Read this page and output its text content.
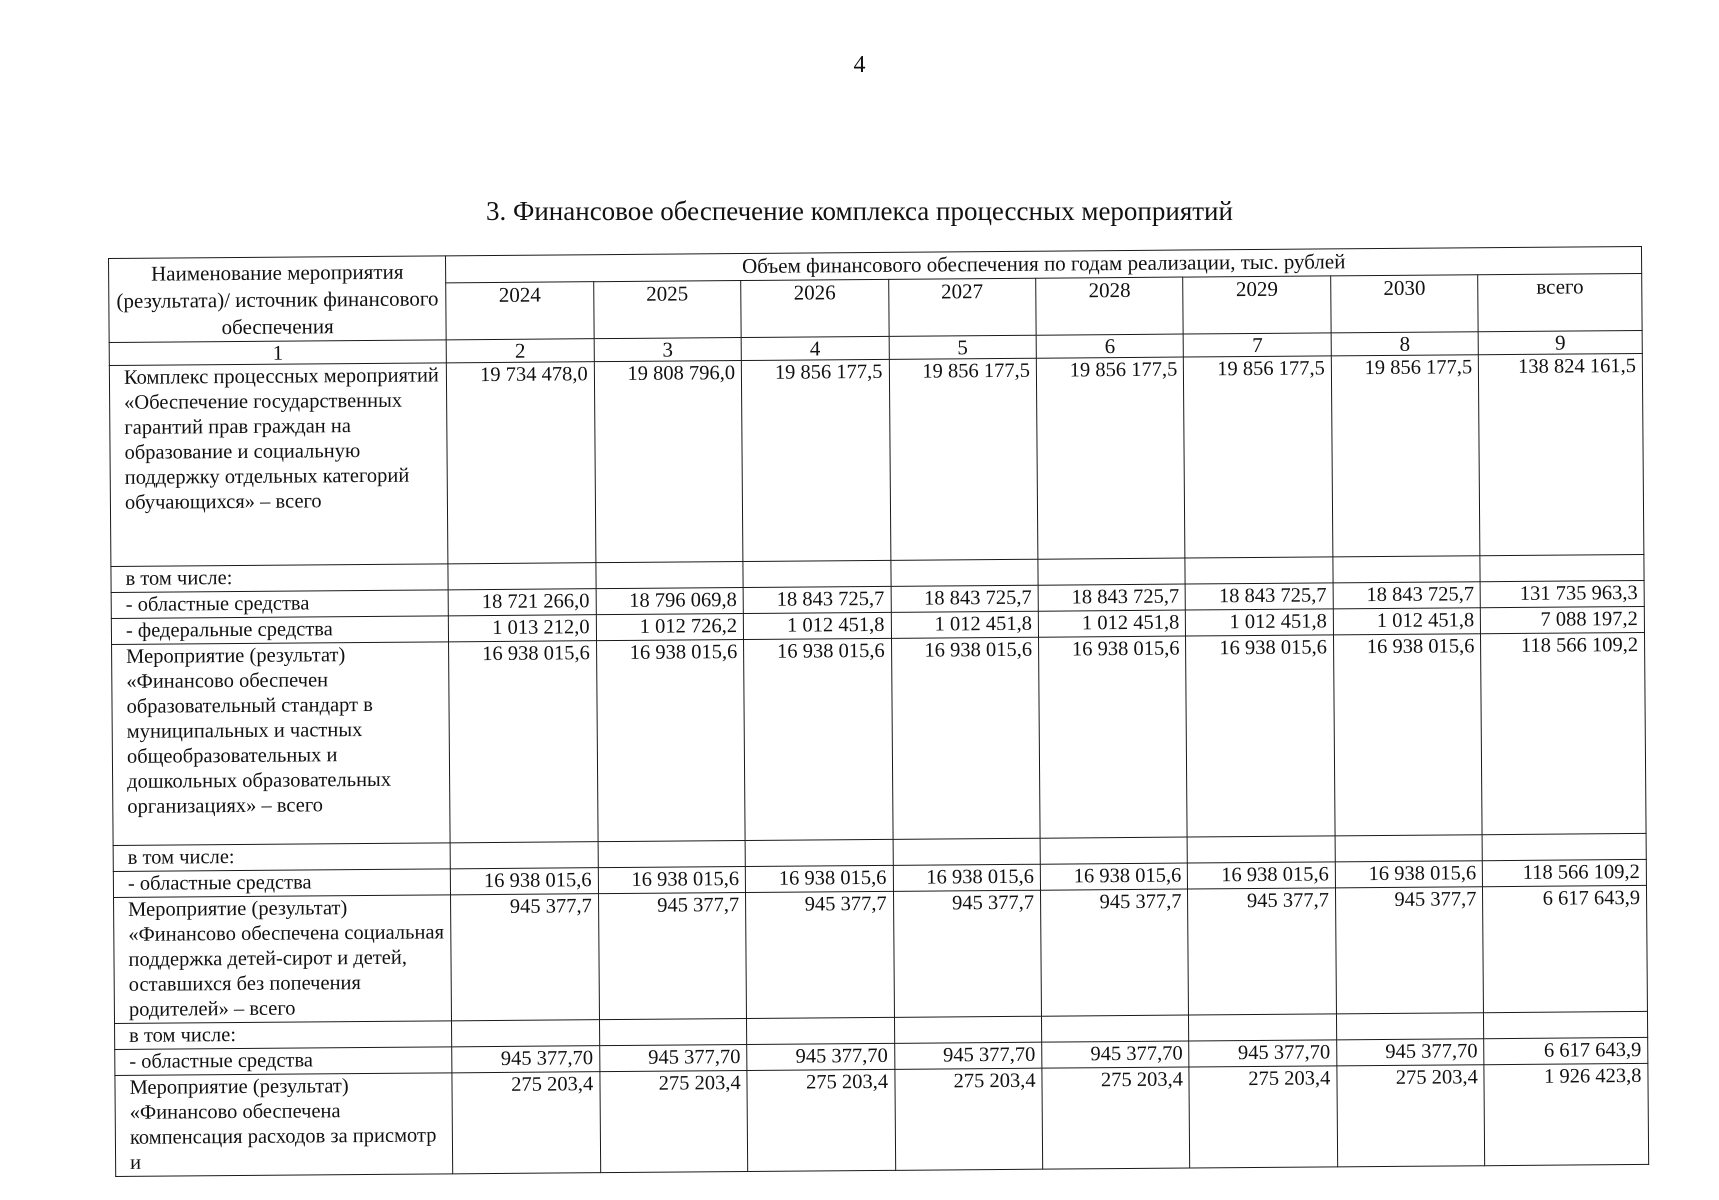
4
3. Финансовое обеспечение комплекса процессных мероприятий
Наименование мероприятия (результата)/ источник финансового обеспечения	Объем финансового обеспечения по годам реализации, тыс. рублей							
	2024	2025	2026	2027	2028	2029	2030	всего
1	2	3	4	5	6	7	8	9
Комплекс процессных мероприятий «Обеспечение государственных гарантий прав граждан на образование и социальную поддержку отдельных категорий обучающихся» – всего	19 734 478,0	19 808 796,0	19 856 177,5	19 856 177,5	19 856 177,5	19 856 177,5	19 856 177,5	138 824 161,5
в том числе:								
- областные средства	18 721 266,0	18 796 069,8	18 843 725,7	18 843 725,7	18 843 725,7	18 843 725,7	18 843 725,7	131 735 963,3
- федеральные средства	1 013 212,0	1 012 726,2	1 012 451,8	1 012 451,8	1 012 451,8	1 012 451,8	1 012 451,8	7 088 197,2
Мероприятие (результат) «Финансово обеспечен образовательный стандарт в муниципальных и частных общеобразовательных и дошкольных образовательных организациях» – всего	16 938 015,6	16 938 015,6	16 938 015,6	16 938 015,6	16 938 015,6	16 938 015,6	16 938 015,6	118 566 109,2
в том числе:								
- областные средства	16 938 015,6	16 938 015,6	16 938 015,6	16 938 015,6	16 938 015,6	16 938 015,6	16 938 015,6	118 566 109,2
Мероприятие (результат) «Финансово обеспечена социальная поддержка детей-сирот и детей, оставшихся без попечения родителей» – всего	945 377,7	945 377,7	945 377,7	945 377,7	945 377,7	945 377,7	945 377,7	6 617 643,9
в том числе:								
- областные средства	945 377,70	945 377,70	945 377,70	945 377,70	945 377,70	945 377,70	945 377,70	6 617 643,9
Мероприятие (результат) «Финансово обеспечена компенсация расходов за присмотр и	275 203,4	275 203,4	275 203,4	275 203,4	275 203,4	275 203,4	275 203,4	1 926 423,8
